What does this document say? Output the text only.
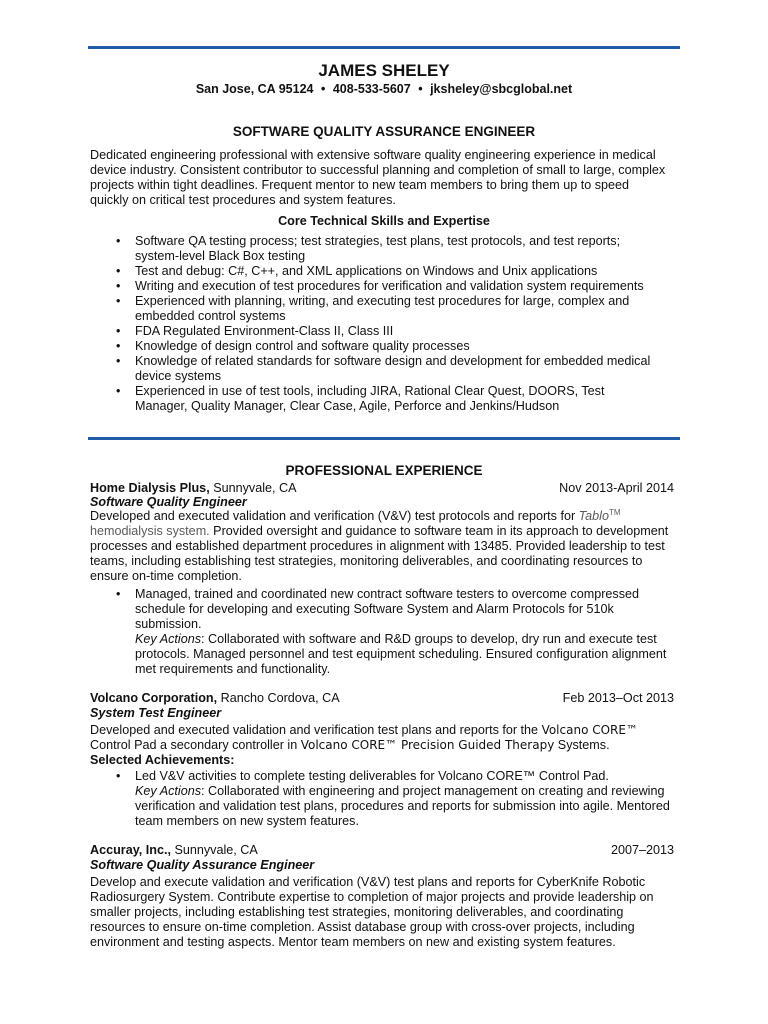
JAMES SHELEY
San Jose, CA 95124 • 408-533-5607 • jksheley@sbcglobal.net
SOFTWARE QUALITY ASSURANCE ENGINEER
Dedicated engineering professional with extensive software quality engineering experience in medical device industry. Consistent contributor to successful planning and completion of small to large, complex projects within tight deadlines. Frequent mentor to new team members to bring them up to speed quickly on critical test procedures and system features.
Core Technical Skills and Expertise
• Software QA testing process; test strategies, test plans, test protocols, and test reports; system-level Black Box testing
• Test and debug: C#, C++, and XML applications on Windows and Unix applications
• Writing and execution of test procedures for verification and validation system requirements
• Experienced with planning, writing, and executing test procedures for large, complex and embedded control systems
• FDA Regulated Environment-Class II, Class III
• Knowledge of design control and software quality processes
• Knowledge of related standards for software design and development for embedded medical device systems
• Experienced in use of test tools, including JIRA, Rational Clear Quest, DOORS, Test Manager, Quality Manager, Clear Case, Agile, Perforce and Jenkins/Hudson
PROFESSIONAL EXPERIENCE
Home Dialysis Plus, Sunnyvale, CA	Nov 2013-April 2014
Software Quality Engineer
Developed and executed validation and verification (V&V) test protocols and reports for Tablo™ hemodialysis system. Provided oversight and guidance to software team in its approach to development processes and established department procedures in alignment with 13485. Provided leadership to test teams, including establishing test strategies, monitoring deliverables, and coordinating resources to ensure on-time completion.
• Managed, trained and coordinated new contract software testers to overcome compressed schedule for developing and executing Software System and Alarm Protocols for 510k submission.
Key Actions: Collaborated with software and R&D groups to develop, dry run and execute test protocols. Managed personnel and test equipment scheduling. Ensured configuration alignment met requirements and functionality.
Volcano Corporation, Rancho Cordova, CA	Feb 2013–Oct 2013
System Test Engineer
Developed and executed validation and verification test plans and reports for the Volcano CORE™ Control Pad a secondary controller in Volcano CORE™ Precision Guided Therapy Systems.
Selected Achievements:
• Led V&V activities to complete testing deliverables for Volcano CORE™ Control Pad.
Key Actions: Collaborated with engineering and project management on creating and reviewing verification and validation test plans, procedures and reports for submission into agile. Mentored team members on new system features.
Accuray, Inc., Sunnyvale, CA	2007–2013
Software Quality Assurance Engineer
Develop and execute validation and verification (V&V) test plans and reports for CyberKnife Robotic Radiosurgery System. Contribute expertise to completion of major projects and provide leadership on smaller projects, including establishing test strategies, monitoring deliverables, and coordinating resources to ensure on-time completion. Assist database group with cross-over projects, including environment and testing aspects. Mentor team members on new and existing system features.
